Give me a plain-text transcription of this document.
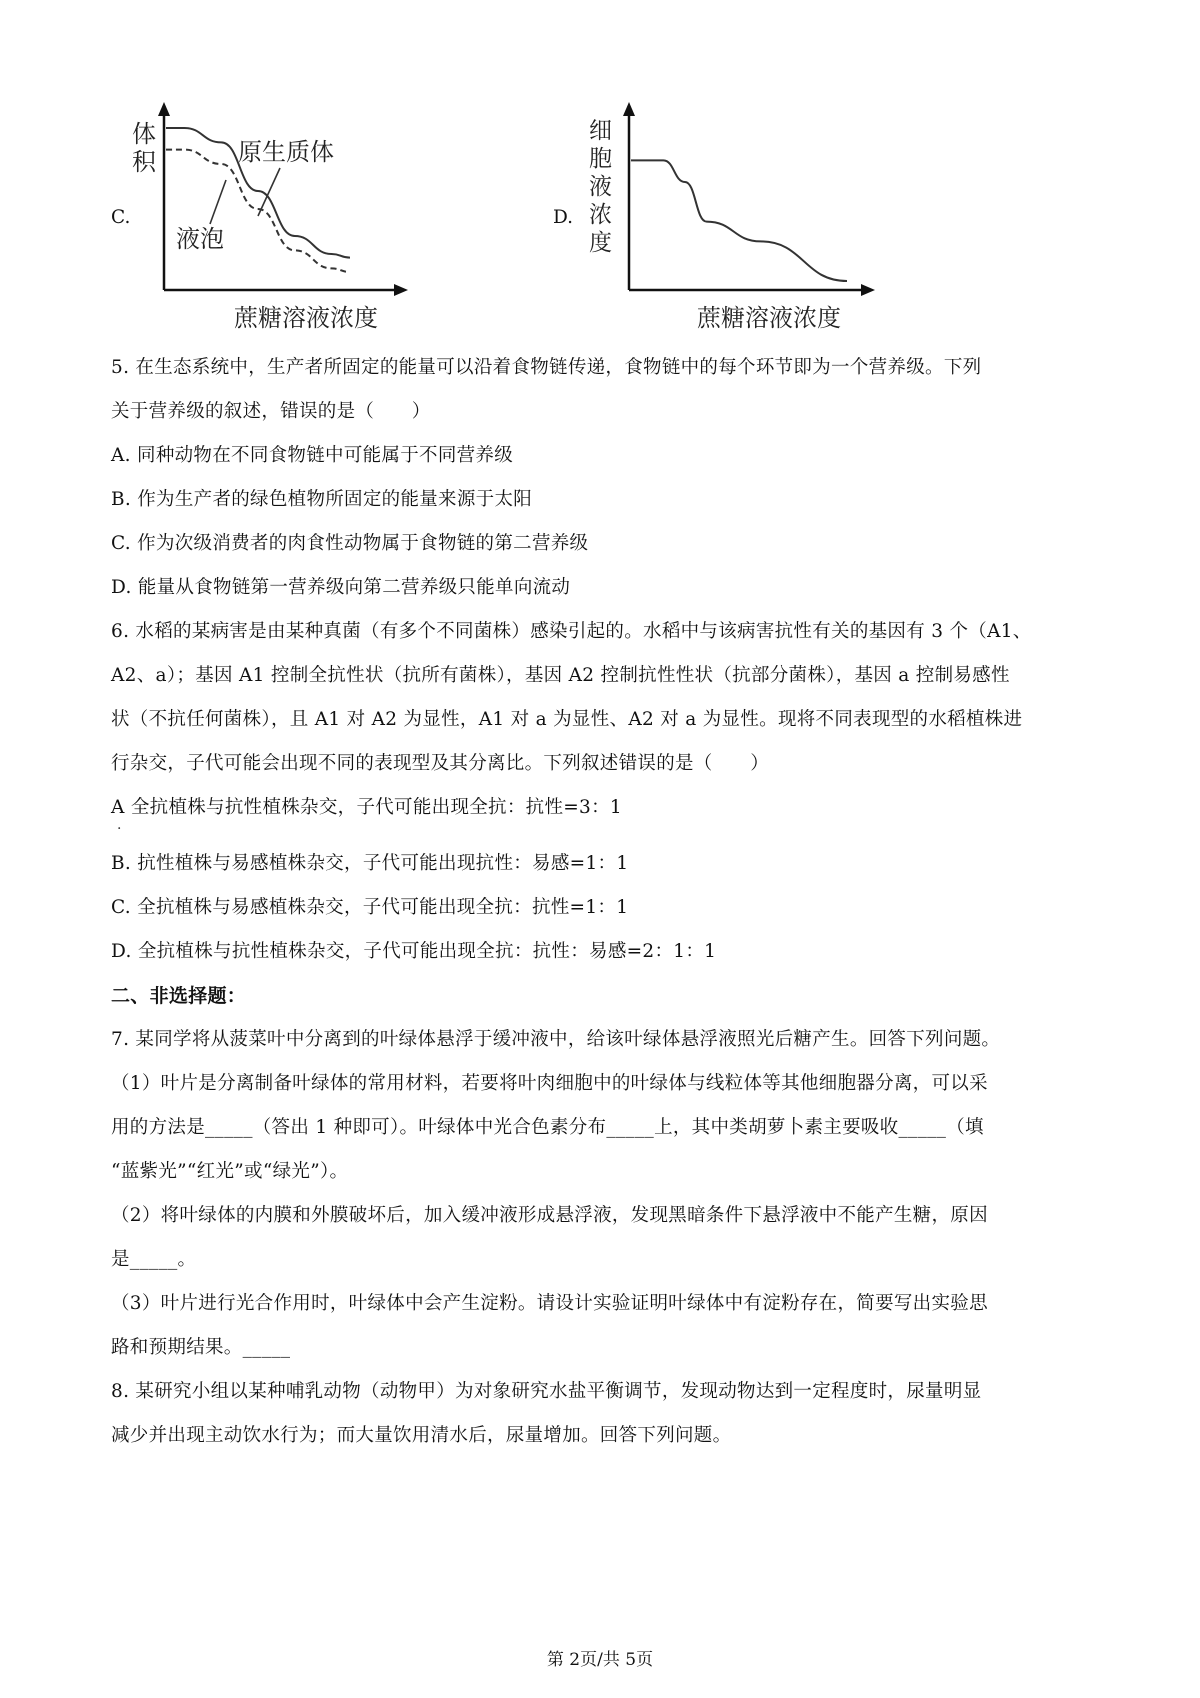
C.
体
积
蔗糖溶液浓度
原生质体
液泡
D.
细
胞
液
浓
度
蔗糖溶液浓度
5. 在生态系统中，生产者所固定的能量可以沿着食物链传递，食物链中的每个环节即为一个营养级。下列
关于营养级的叙述，错误的是（　　）
A. 同种动物在不同食物链中可能属于不同营养级
B. 作为生产者的绿色植物所固定的能量来源于太阳
C. 作为次级消费者的肉食性动物属于食物链的第二营养级
D. 能量从食物链第一营养级向第二营养级只能单向流动
6. 水稻的某病害是由某种真菌（有多个不同菌株）感染引起的。水稻中与该病害抗性有关的基因有 3 个（A1、
A2、a）；基因 A1 控制全抗性状（抗所有菌株），基因 A2 控制抗性性状（抗部分菌株），基因 a 控制易感性
状（不抗任何菌株），且 A1 对 A2 为显性，A1 对 a 为显性、A2 对 a 为显性。现将不同表现型的水稻植株进
行杂交，子代可能会出现不同的表现型及其分离比。下列叙述错误的是（　　）
A 全抗植株与抗性植株杂交，子代可能出现全抗：抗性=3：1
·
B. 抗性植株与易感植株杂交，子代可能出现抗性：易感=1：1
C. 全抗植株与易感植株杂交，子代可能出现全抗：抗性=1：1
D. 全抗植株与抗性植株杂交，子代可能出现全抗：抗性：易感=2：1：1
二、非选择题：
7. 某同学将从菠菜叶中分离到的叶绿体悬浮于缓冲液中，给该叶绿体悬浮液照光后糖产生。回答下列问题。
（1）叶片是分离制备叶绿体的常用材料，若要将叶肉细胞中的叶绿体与线粒体等其他细胞器分离，可以采
用的方法是_____（答出 1 种即可）。叶绿体中光合色素分布_____上，其中类胡萝卜素主要吸收_____（填
“蓝紫光”“红光”或“绿光”）。
（2）将叶绿体的内膜和外膜破坏后，加入缓冲液形成悬浮液，发现黑暗条件下悬浮液中不能产生糖，原因
是_____。
（3）叶片进行光合作用时，叶绿体中会产生淀粉。请设计实验证明叶绿体中有淀粉存在，简要写出实验思
路和预期结果。_____
8. 某研究小组以某种哺乳动物（动物甲）为对象研究水盐平衡调节，发现动物达到一定程度时，尿量明显
减少并出现主动饮水行为；而大量饮用清水后，尿量增加。回答下列问题。
第 2页/共 5页
